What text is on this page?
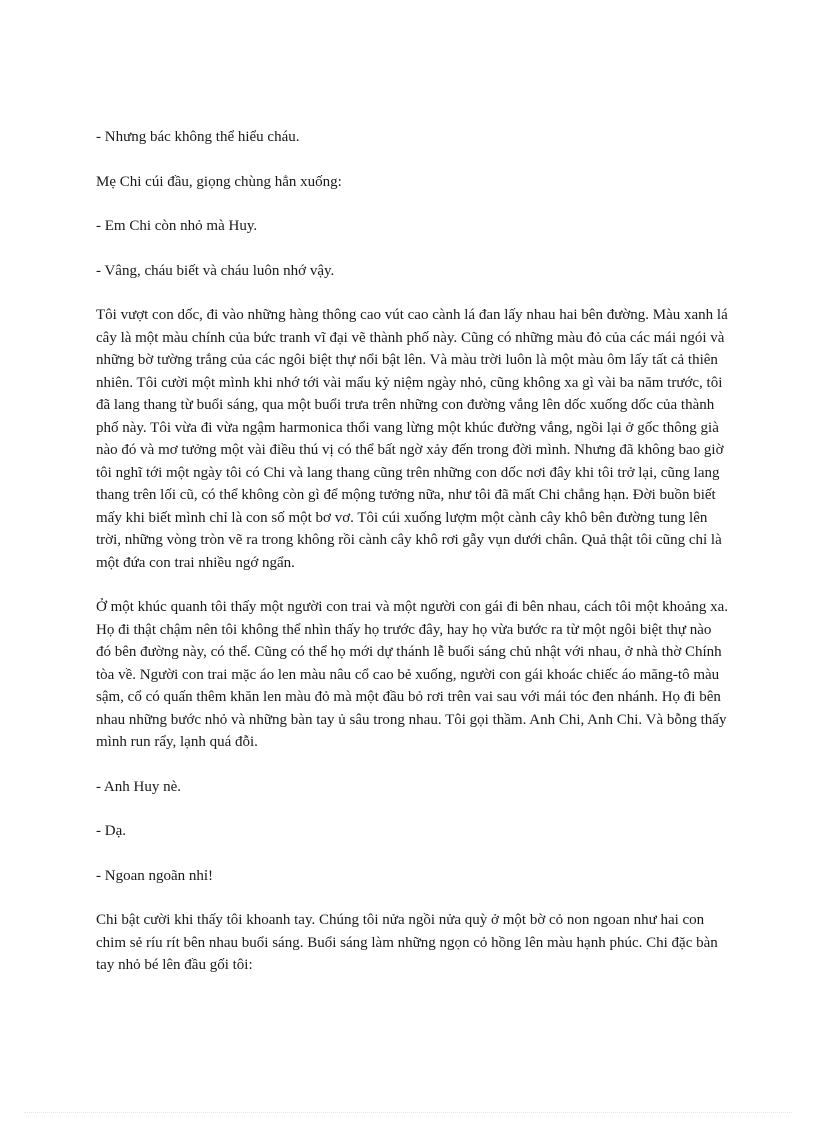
- Nhưng bác không thể hiểu cháu.

Mẹ Chi cúi đầu, giọng chùng hẳn xuống:

- Em Chi còn nhỏ mà Huy.

- Vâng, cháu biết và cháu luôn nhớ vậy.

Tôi vượt con dốc, đi vào những hàng thông cao vút cao cành lá đan lấy nhau hai bên đường. Màu xanh lá cây là một màu chính của bức tranh vĩ đại vẽ thành phố này. Cũng có những màu đỏ của các mái ngói và những bờ tường trắng của các ngôi biệt thự nổi bật lên. Và màu trời luôn là một màu ôm lấy tất cả thiên nhiên. Tôi cười một mình khi nhớ tới vài mẩu kỷ niệm ngày nhỏ, cũng không xa gì vài ba năm trước, tôi đã lang thang từ buổi sáng, qua một buổi trưa trên những con đường vắng lên dốc xuống dốc của thành phố này. Tôi vừa đi vừa ngậm harmonica thổi vang lừng một khúc đường vắng, ngồi lại ở gốc thông già nào đó và mơ tưởng một vài điều thú vị có thể bất ngờ xảy đến trong đời mình. Nhưng đã không bao giờ tôi nghĩ tới một ngày tôi có Chi và lang thang cũng trên những con dốc nơi đây khi tôi trở lại, cũng lang thang trên lối cũ, có thể không còn gì để mộng tưởng nữa, như tôi đã mất Chi chẳng hạn. Đời buồn biết mấy khi biết mình chỉ là con số một bơ vơ. Tôi cúi xuống lượm một cành cây khô bên đường tung lên trời, những vòng tròn vẽ ra trong không rồi cành cây khô rơi gẫy vụn dưới chân. Quả thật tôi cũng chỉ là một đứa con trai nhiều ngớ ngẩn.

Ở một khúc quanh tôi thấy một người con trai và một người con gái đi bên nhau, cách tôi một khoảng xa. Họ đi thật chậm nên tôi không thể nhìn thấy họ trước đây, hay họ vừa bước ra từ một ngôi biệt thự nào đó bên đường này, có thể. Cũng có thể họ mới dự thánh lễ buổi sáng chủ nhật với nhau, ở nhà thờ Chính tòa về. Người con trai mặc áo len màu nâu cổ cao bẻ xuống, người con gái khoác chiếc áo măng-tô màu sậm, cổ có quấn thêm khăn len màu đỏ mà một đầu bỏ rơi trên vai sau với mái tóc đen nhánh. Họ đi bên nhau những bước nhỏ và những bàn tay ủ sâu trong nhau. Tôi gọi thầm. Anh Chi, Anh Chi. Và bỗng thấy mình run rẩy, lạnh quá đỗi.

- Anh Huy nè.

- Dạ.

- Ngoan ngoãn nhỉ!

Chi bật cười khi thấy tôi khoanh tay. Chúng tôi nửa ngồi nửa quỳ ở một bờ cỏ non ngoan như hai con chim sẻ ríu rít bên nhau buổi sáng. Buổi sáng làm những ngọn cỏ hồng lên màu hạnh phúc. Chi đặc bàn tay nhỏ bé lên đầu gối tôi:
